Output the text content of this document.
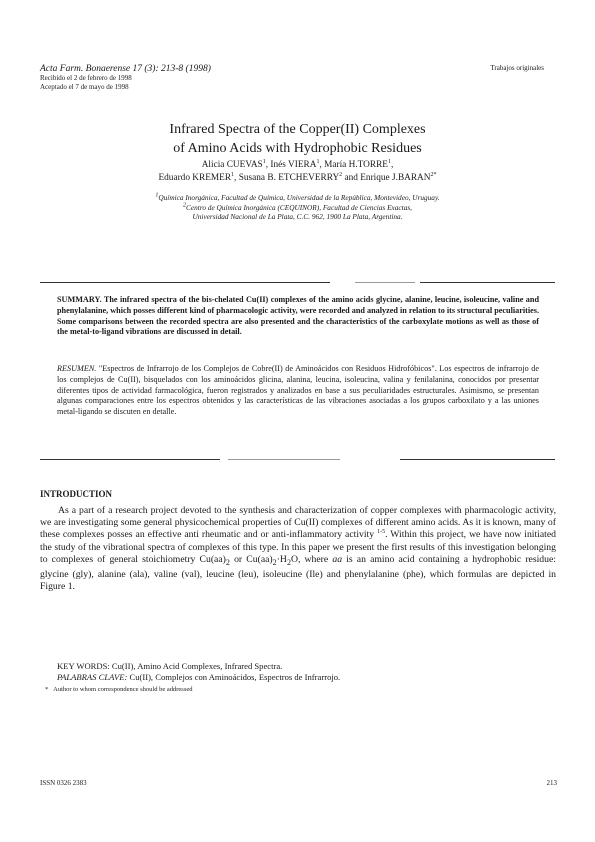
Acta Farm. Bonaerense 17 (3): 213-8 (1998)
Recibido el 2 de febrero de 1998
Aceptado el 7 de mayo de 1998
Trabajos originales
Infrared Spectra of the Copper(II) Complexes
of Amino Acids with Hydrophobic Residues
Alicia CUEVAS$^1$, Inés VIERA$^1$, María H.TORRE$^1$,
Eduardo KREMER$^1$, Susana B. ETCHEVERRY$^2$ and Enrique $J.BARAN^{2*}$
$^1$Química Inorgánica, Facultad de Química, Universidad de la República, Montevideo, Uruguay.
$^2$Centro de Química Inorgánica (CEQUINOR), Facultad de Ciencias Exactas,
Universidad Nacional de La Plata, C.C. 962, 1900 La Plata, Argentina.
SUMMARY. The infrared spectra of the bis-chelated Cu(II) complexes of the amino acids glycine, alanine, leucine, isoleucine, valine and phenylalanine, which posses different kind of pharmacologic activity, were recorded and analyzed in relation to its structural peculiarities. Some comparisons between the recorded spectra are also presented and the characteristics of the carboxylate motions as well as those of the metal-to-ligand vibrations are discussed in detail.
RESUMEN. "Espectros de Infrarrojo de los Complejos de Cobre(II) de Aminoácidos con Residuos Hidrofóbicos". Los espectros de infrarrojo de los complejos de Cu(II), bisquelados con los aminoácidos glicina, alanina, leucina, isoleucina, valina y fenilalanina, conocidos por presentar diferentes tipos de actividad farmacológica, fueron registrados y analizados en base a sus peculiaridades estructurales. Asimismo, se presentan algunas comparaciones entre los espectros obtenidos y las características de las vibraciones asociadas a los grupos carboxilato y a las uniones metal-ligando se discuten en detalle.
INTRODUCTION
As a part of a research project devoted to the synthesis and characterization of copper complexes with pharmacologic activity, we are investigating some general physicochemical properties of Cu(II) complexes of different amino acids. As it is known, many of these complexes posses an effective anti rheumatic and or anti-inflammatory activity $^{1-5}$. Within this project, we have now initiated the study of the vibrational spectra of complexes of this type. In this paper we present the first results of this investigation belonging to complexes of general stoichiometry $Cu(aa)_2$ or $Cu(aa)_2\cdot H_2O$, where aa is an amino acid containing a hydrophobic residue: glycine (gly), alanine (ala), valine (val), leucine (leu), isoleucine (Ile) and phenylalanine (phe), which formulas are depicted in Figure 1.
KEY WORDS: Cu(II), Amino Acid Complexes, Infrared Spectra.
PALABRAS CLAVE: Cu(II), Complejos con Aminoácidos, Espectros de Infrarrojo.
* Author to whom correspondence should be addressed
ISSN 0326 2383	213
